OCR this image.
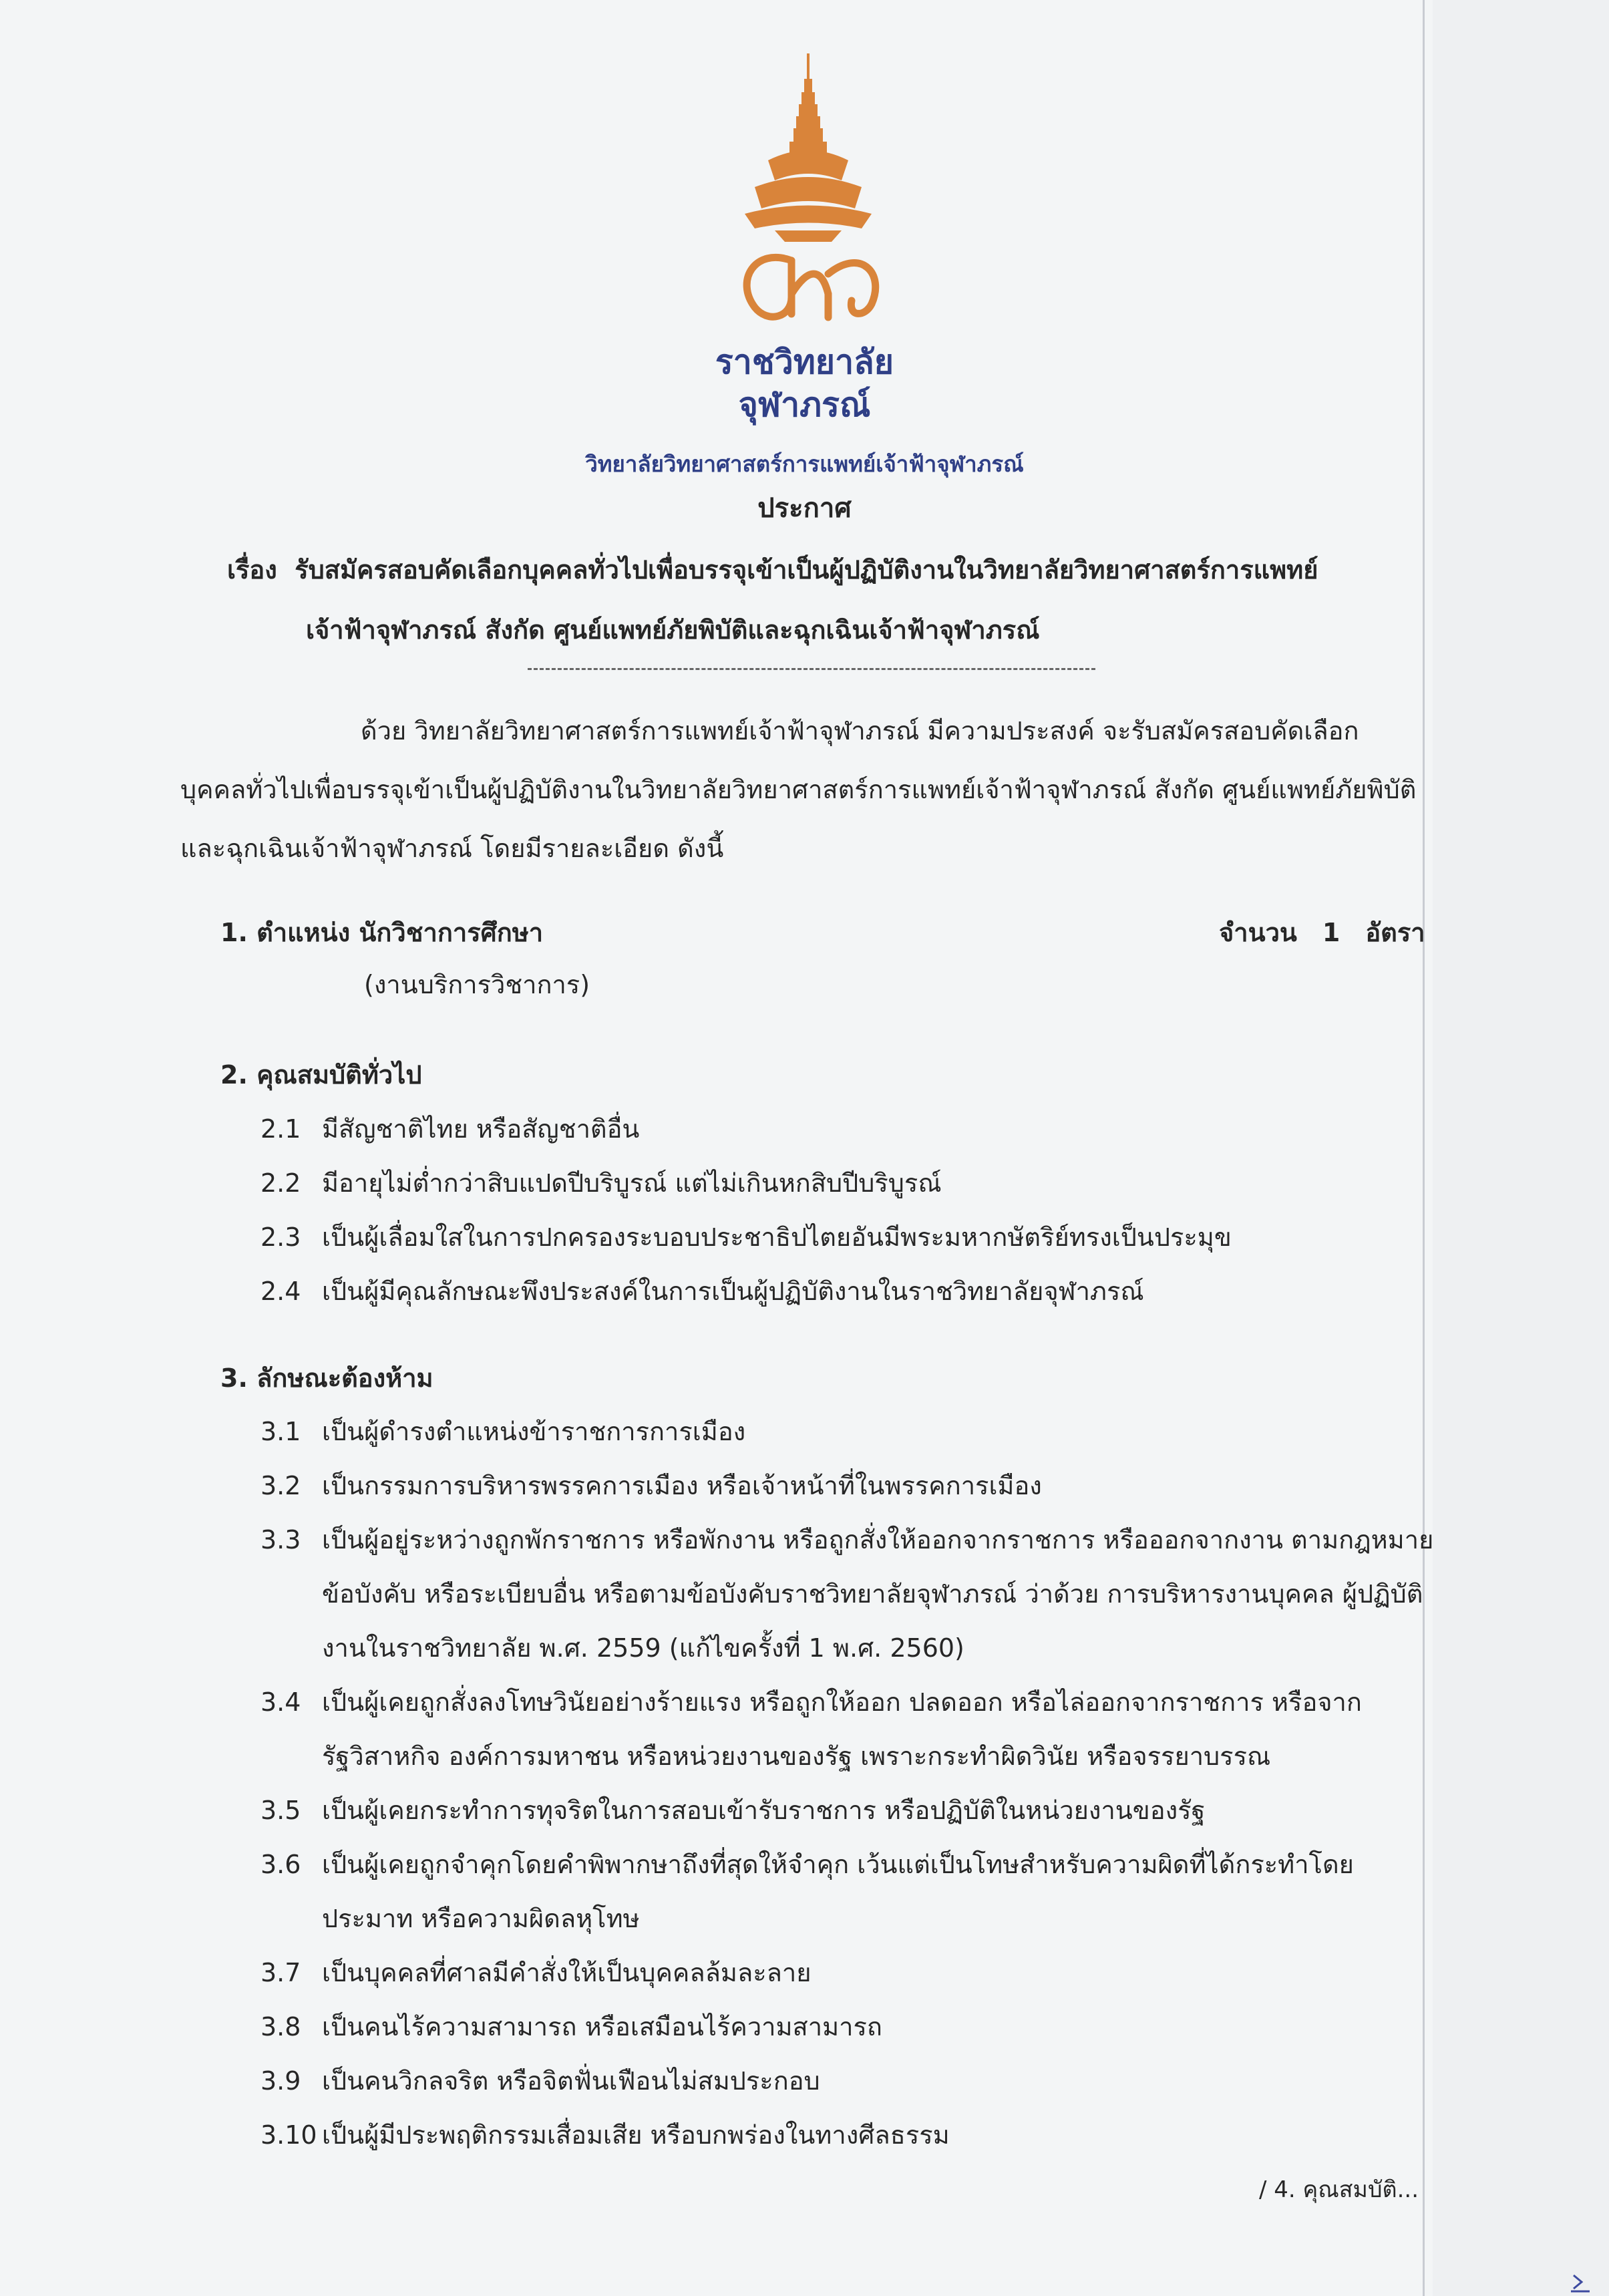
ราชวิทยาลัย
จุฬาภรณ์
วิทยาลัยวิทยาศาสตร์การแพทย์เจ้าฟ้าจุฬาภรณ์
ประกาศ
เรื่อง รับสมัครสอบคัดเลือกบุคคลทั่วไปเพื่อบรรจุเข้าเป็นผู้ปฏิบัติงานในวิทยาลัยวิทยาศาสตร์การแพทย์
เจ้าฟ้าจุฬาภรณ์ สังกัด ศูนย์แพทย์ภัยพิบัติและฉุกเฉินเจ้าฟ้าจุฬาภรณ์
ด้วย วิทยาลัยวิทยาศาสตร์การแพทย์เจ้าฟ้าจุฬาภรณ์ มีความประสงค์ จะรับสมัครสอบคัดเลือก
บุคคลทั่วไปเพื่อบรรจุเข้าเป็นผู้ปฏิบัติงานในวิทยาลัยวิทยาศาสตร์การแพทย์เจ้าฟ้าจุฬาภรณ์ สังกัด ศูนย์แพทย์ภัยพิบัติ
และฉุกเฉินเจ้าฟ้าจุฬาภรณ์ โดยมีรายละเอียด ดังนี้
1. ตำแหน่ง นักวิชาการศึกษา	จำนวน 1 อัตรา
(งานบริการวิชาการ)
2. คุณสมบัติทั่วไป
2.1 มีสัญชาติไทย หรือสัญชาติอื่น
2.2 มีอายุไม่ต่ำกว่าสิบแปดปีบริบูรณ์ แต่ไม่เกินหกสิบปีบริบูรณ์
2.3 เป็นผู้เลื่อมใสในการปกครองระบอบประชาธิปไตยอันมีพระมหากษัตริย์ทรงเป็นประมุข
2.4 เป็นผู้มีคุณลักษณะพึงประสงค์ในการเป็นผู้ปฏิบัติงานในราชวิทยาลัยจุฬาภรณ์
3. ลักษณะต้องห้าม
3.1 เป็นผู้ดำรงตำแหน่งข้าราชการการเมือง
3.2 เป็นกรรมการบริหารพรรคการเมือง หรือเจ้าหน้าที่ในพรรคการเมือง
3.3 เป็นผู้อยู่ระหว่างถูกพักราชการ หรือพักงาน หรือถูกสั่งให้ออกจากราชการ หรือออกจากงาน ตามกฎหมาย ข้อบังคับ หรือระเบียบอื่น หรือตามข้อบังคับราชวิทยาลัยจุฬาภรณ์ ว่าด้วย การบริหารงานบุคคล ผู้ปฏิบัติงานในราชวิทยาลัย พ.ศ. 2559 (แก้ไขครั้งที่ 1 พ.ศ. 2560)
3.4 เป็นผู้เคยถูกสั่งลงโทษวินัยอย่างร้ายแรง หรือถูกให้ออก ปลดออก หรือไล่ออกจากราชการ หรือจากรัฐวิสาหกิจ องค์การมหาชน หรือหน่วยงานของรัฐ เพราะกระทำผิดวินัย หรือจรรยาบรรณ
3.5 เป็นผู้เคยกระทำการทุจริตในการสอบเข้ารับราชการ หรือปฏิบัติในหน่วยงานของรัฐ
3.6 เป็นผู้เคยถูกจำคุกโดยคำพิพากษาถึงที่สุดให้จำคุก เว้นแต่เป็นโทษสำหรับความผิดที่ได้กระทำโดยประมาท หรือความผิดลหุโทษ
3.7 เป็นบุคคลที่ศาลมีคำสั่งให้เป็นบุคคลล้มละลาย
3.8 เป็นคนไร้ความสามารถ หรือเสมือนไร้ความสามารถ
3.9 เป็นคนวิกลจริต หรือจิตฟั่นเฟือนไม่สมประกอบ
3.10 เป็นผู้มีประพฤติกรรมเสื่อมเสีย หรือบกพร่องในทางศีลธรรม
/ 4. คุณสมบัติ...
